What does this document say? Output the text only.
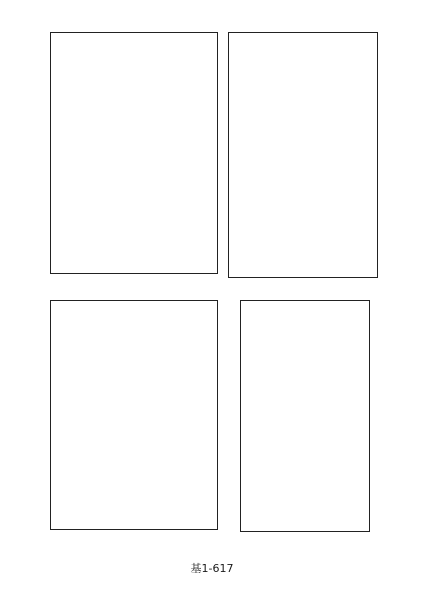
基1-617
